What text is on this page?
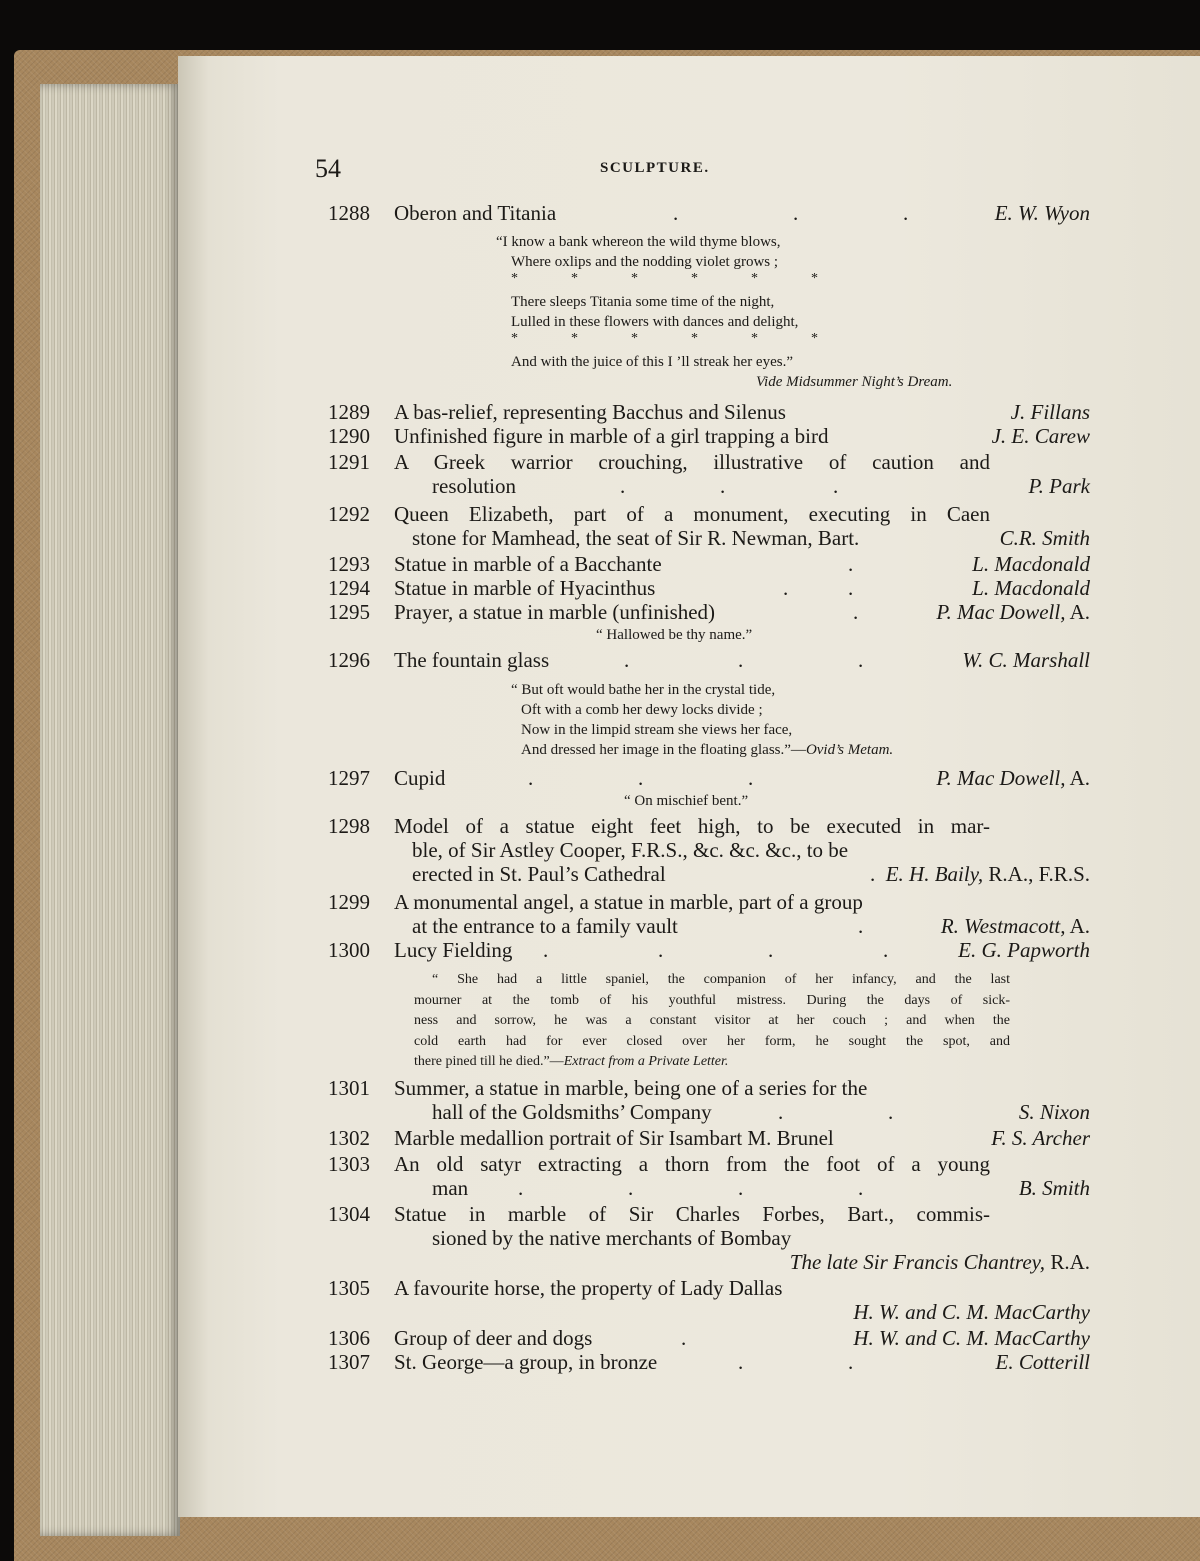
54	SCULPTURE.
1288 Oberon and Titania	.	.	.	E. W. Wyon
“I know a bank whereon the wild thyme blows,
Where oxlips and the nodding violet grows ;
*	*	*	*	*	*
There sleeps Titania some time of the night,
Lulled in these flowers with dances and delight,
*	*	*	*	*	*
And with the juice of this I ’ll streak her eyes.”
Vide Midsummer Night’s Dream.
1289 A bas-relief, representing Bacchus and Silenus	J. Fillans
1290 Unfinished figure in marble of a girl trapping a bird	J. E. Carew
1291 A Greek warrior crouching, illustrative of caution and
resolution	.	.	.	P. Park
1292 Queen Elizabeth, part of a monument, executing in Caen
stone for Mamhead, the seat of Sir R. Newman, Bart.	C.R. Smith
1293 Statue in marble of a Bacchante	.	L. Macdonald
1294 Statue in marble of Hyacinthus	.	.	L. Macdonald
1295 Prayer, a statue in marble (unfinished)	.	P. Mac Dowell, A.
“ Hallowed be thy name.”
1296 The fountain glass	.	.	.	W. C. Marshall
“ But oft would bathe her in the crystal tide,
Oft with a comb her dewy locks divide ;
Now in the limpid stream she views her face,
And dressed her image in the floating glass.”—Ovid’s Metam.
1297 Cupid	.	.	.	P. Mac Dowell, A.
“ On mischief bent.”
1298 Model of a statue eight feet high, to be executed in mar-
ble, of Sir Astley Cooper, F.R.S., &c. &c. &c., to be
erected in St. Paul’s Cathedral	.  E. H. Baily, R.A., F.R.S.
1299 A monumental angel, a statue in marble, part of a group
at the entrance to a family vault	.	R. Westmacott, A.
1300 Lucy Fielding .	.	.	.	E. G. Papworth
“ She had a little spaniel, the companion of her infancy, and the last
mourner at the tomb of his youthful mistress. During the days of sick-
ness and sorrow, he was a constant visitor at her couch ; and when the
cold earth had for ever closed over her form, he sought the spot, and
there pined till he died.”—Extract from a Private Letter.
1301 Summer, a statue in marble, being one of a series for the
hall of the Goldsmiths’ Company	.	.	S. Nixon
1302 Marble medallion portrait of Sir Isambart M. Brunel	F. S. Archer
1303 An old satyr extracting a thorn from the foot of a young
man .	.	.	.	B. Smith
1304 Statue in marble of Sir Charles Forbes, Bart., commis-
sioned by the native merchants of Bombay
The late Sir Francis Chantrey, R.A.
1305 A favourite horse, the property of Lady Dallas
H. W. and C. M. MacCarthy
1306 Group of deer and dogs	.	H. W. and C. M. MacCarthy
1307 St. George—a group, in bronze	.	.	E. Cotterill
